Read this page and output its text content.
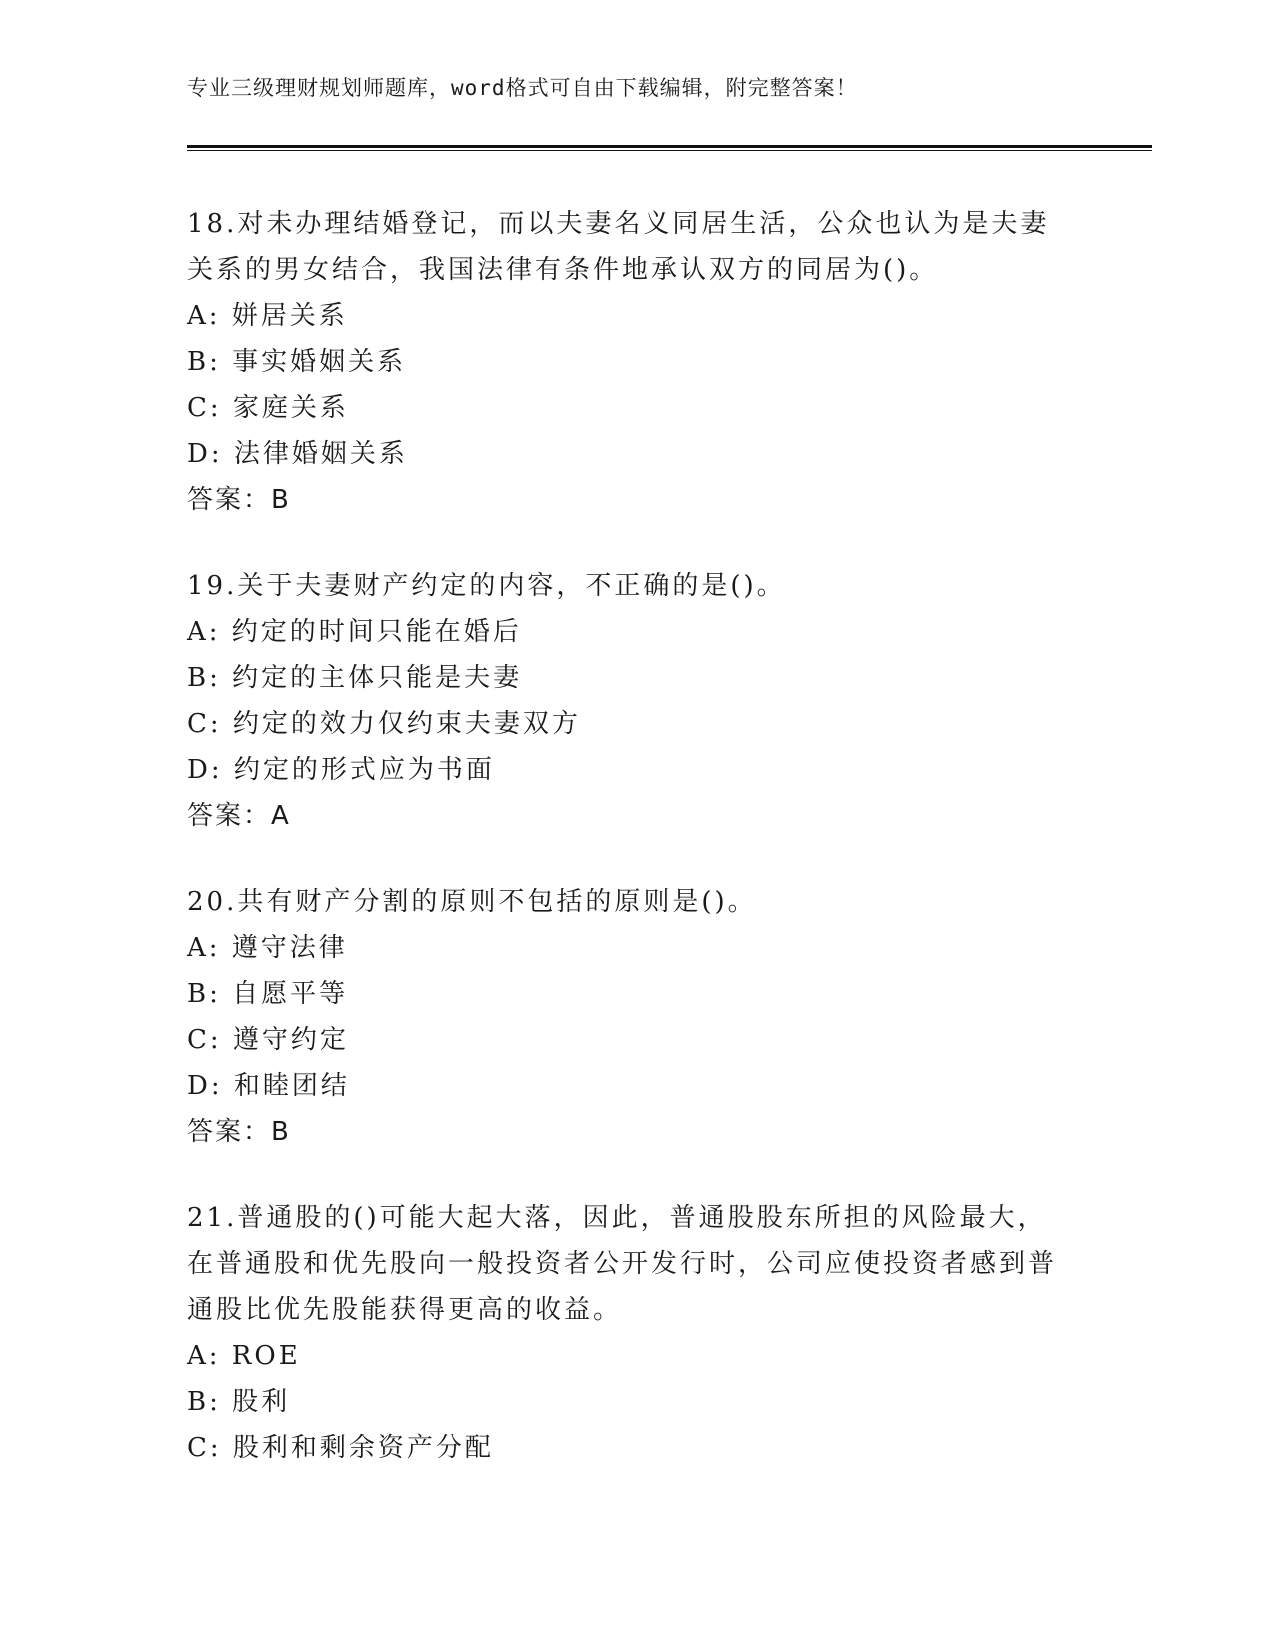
专业三级理财规划师题库，word格式可自由下载编辑，附完整答案！
18.对未办理结婚登记，而以夫妻名义同居生活，公众也认为是夫妻关系的男女结合，我国法律有条件地承认双方的同居为()。
A: 姘居关系
B: 事实婚姻关系
C: 家庭关系
D: 法律婚姻关系
答案：B
19.关于夫妻财产约定的内容，不正确的是()。
A: 约定的时间只能在婚后
B: 约定的主体只能是夫妻
C: 约定的效力仅约束夫妻双方
D: 约定的形式应为书面
答案：A
20.共有财产分割的原则不包括的原则是()。
A: 遵守法律
B: 自愿平等
C: 遵守约定
D: 和睦团结
答案：B
21.普通股的()可能大起大落，因此，普通股股东所担的风险最大，在普通股和优先股向一般投资者公开发行时，公司应使投资者感到普通股比优先股能获得更高的收益。
A: ROE
B: 股利
C: 股利和剩余资产分配
